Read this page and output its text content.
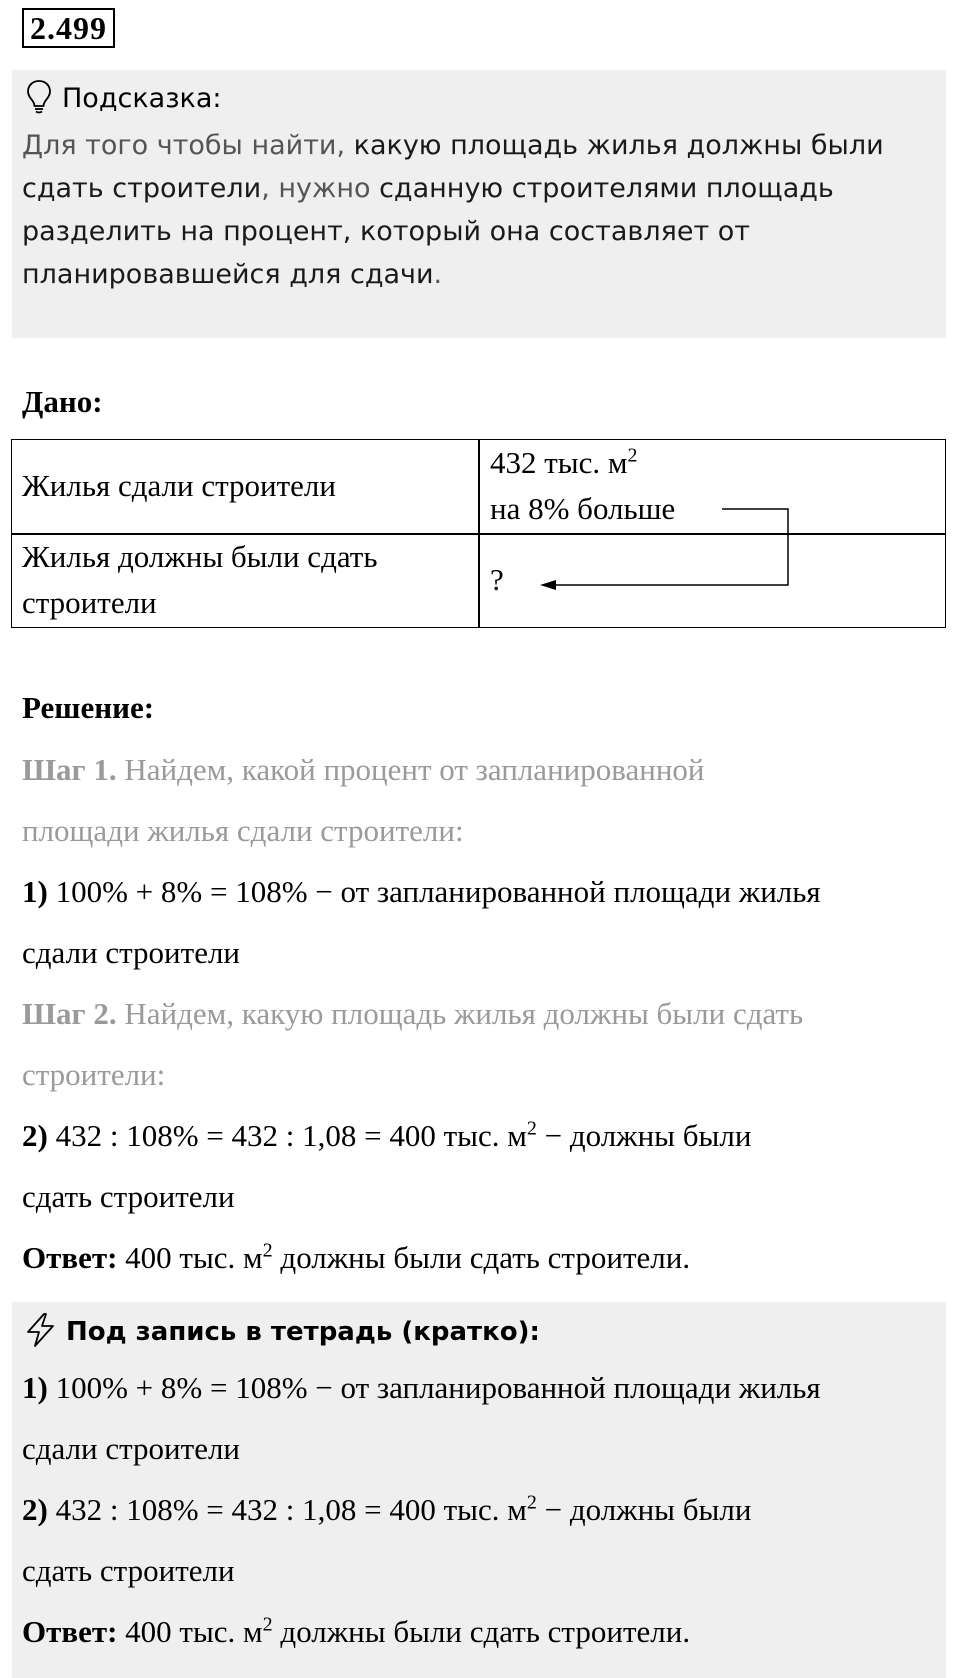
2.499
Подсказка:
Для того чтобы найти, какую площадь жилья должны были
сдать строители, нужно сданную строителями площадь
разделить на процент, который она составляет от
планировавшейся для сдачи.
Дано:
Жилья сдали строители
432 тыс. $м^2$
на 8% больше
Жилья должны были сдать
строители
?
Решение:
Шаг 1. Найдем, какой процент от запланированной
площади жилья сдали строители:
1) 100% + 8% = 108% − от запланированной площади жилья
сдали строители
Шаг 2. Найдем, какую площадь жилья должны были сдать
строители:
2) 432 : 108% = 432 : 1,08 = 400 тыс. $м^2$ − должны были
сдать строители
Ответ: 400 тыс. $м^2$ должны были сдать строители.
Под запись в тетрадь (кратко):
1) 100% + 8% = 108% − от запланированной площади жилья
сдали строители
2) 432 : 108% = 432 : 1,08 = 400 тыс. $м^2$ − должны были
сдать строители
Ответ: 400 тыс. $м^2$ должны были сдать строители.
